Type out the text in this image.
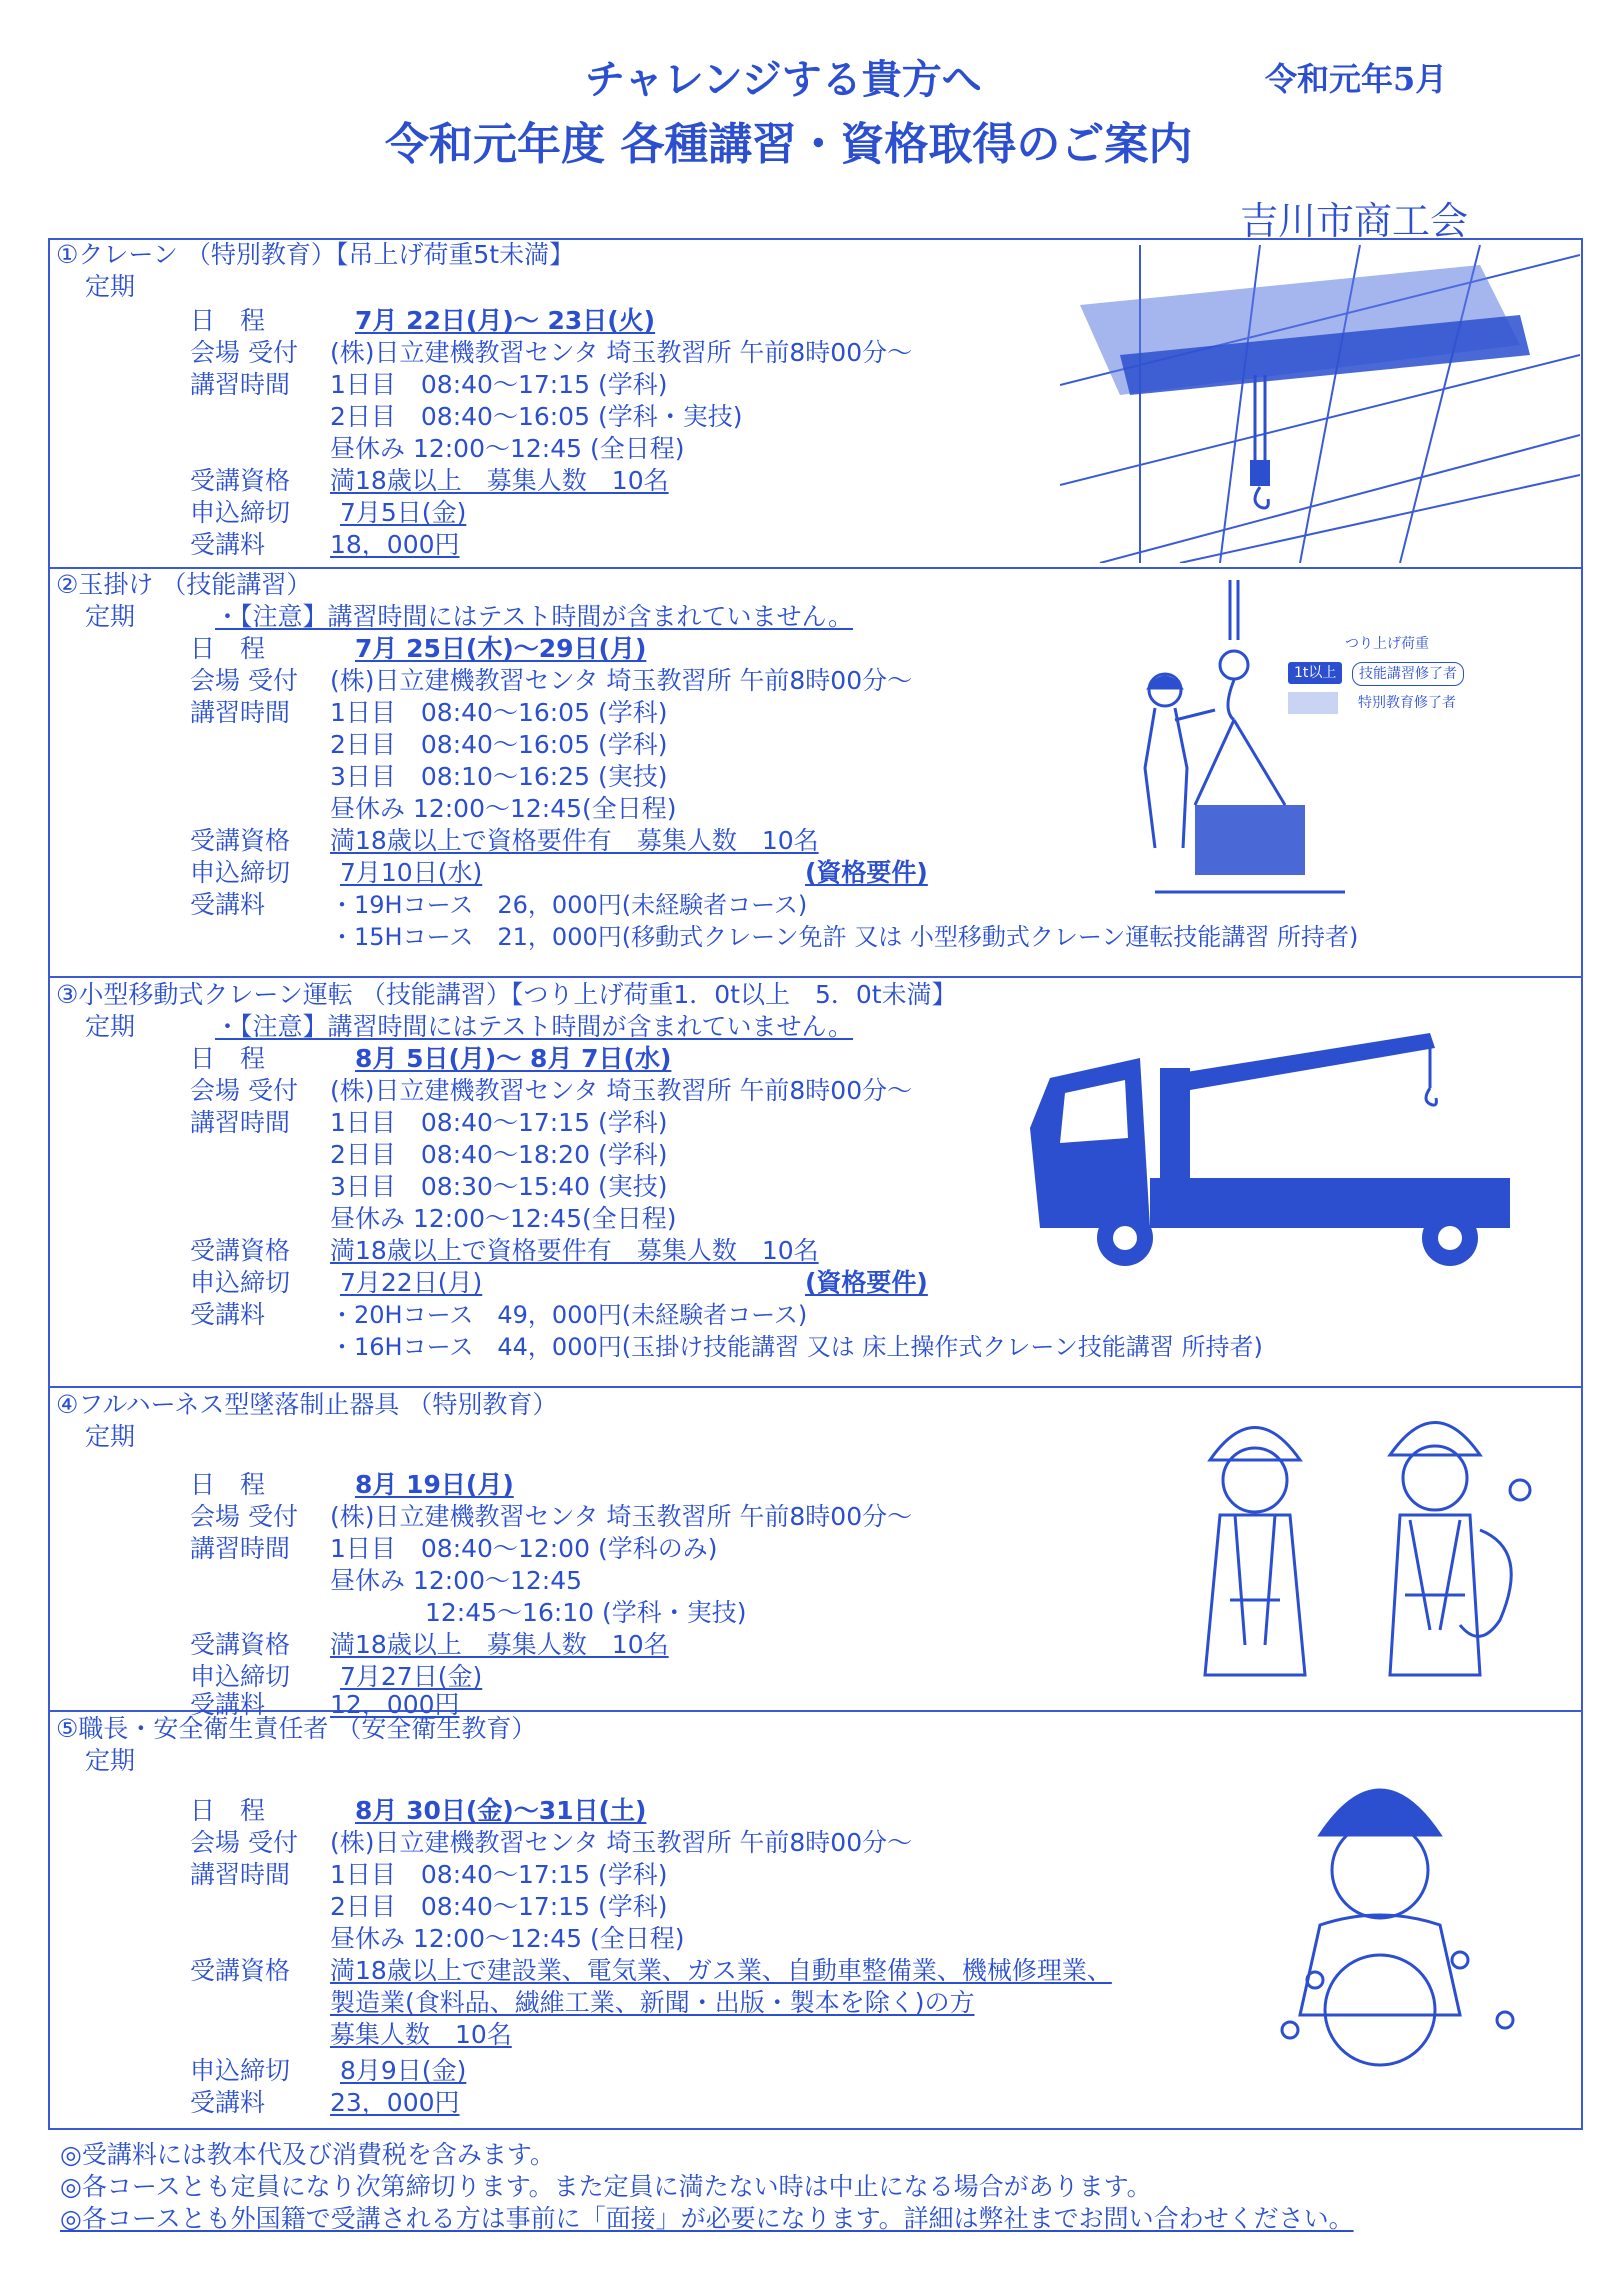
チャレンジする貴方へ
令和元年度 各種講習・資格取得のご案内
令和元年5月
吉川市商工会
①クレーン （特別教育）【吊上げ荷重5t未満】
定期
日　程	7月 22日(月)～ 23日(火)
会場 受付 (株)日立建機教習センタ 埼玉教習所 午前8時00分～
講習時間 1日目　08:40～17:15 (学科)
2日目　08:40～16:05 (学科・実技)
昼休み 12:00～12:45 (全日程)
受講資格 満18歳以上　募集人数　10名
申込締切 7月5日(金)
受講料	18，000円
②玉掛け （技能講習）
定期	・【注意】講習時間にはテスト時間が含まれていません。
日　程	7月 25日(木)～29日(月)
会場 受付 (株)日立建機教習センタ 埼玉教習所 午前8時00分～
講習時間 1日目　08:40～16:05 (学科)
2日目　08:40～16:05 (学科)
3日目　08:10～16:25 (実技)
昼休み 12:00～12:45(全日程)
受講資格 満18歳以上で資格要件有　募集人数　10名
申込締切 7月10日(水)	(資格要件)
受講料	・19Hコース　26，000円(未経験者コース)
・15Hコース　21，000円(移動式クレーン免許 又は 小型移動式クレーン運転技能講習 所持者)
つり上げ荷重
1t以上	技能講習修了者
特別教育修了者
③小型移動式クレーン運転 （技能講習）【つり上げ荷重1．0t以上　5．0t未満】
定期	・【注意】講習時間にはテスト時間が含まれていません。
日　程	8月 5日(月)～ 8月 7日(水)
会場 受付 (株)日立建機教習センタ 埼玉教習所 午前8時00分～
講習時間 1日目　08:40～17:15 (学科)
2日目　08:40～18:20 (学科)
3日目　08:30～15:40 (実技)
昼休み 12:00～12:45(全日程)
受講資格 満18歳以上で資格要件有　募集人数　10名
申込締切 7月22日(月)	(資格要件)
受講料	・20Hコース　49，000円(未経験者コース)
・16Hコース　44，000円(玉掛け技能講習 又は 床上操作式クレーン技能講習 所持者)
④フルハーネス型墜落制止器具 （特別教育）
定期
日　程	8月 19日(月)
会場 受付 (株)日立建機教習センタ 埼玉教習所 午前8時00分～
講習時間 1日目　08:40～12:00 (学科のみ)
昼休み 12:00～12:45
12:45～16:10 (学科・実技)
受講資格 満18歳以上　募集人数　10名
申込締切 7月27日(金)
受講料	12，000円
⑤職長・安全衛生責任者 （安全衛生教育）
定期
日　程	8月 30日(金)～31日(土)
会場 受付 (株)日立建機教習センタ 埼玉教習所 午前8時00分～
講習時間 1日目　08:40～17:15 (学科)
2日目　08:40～17:15 (学科)
昼休み 12:00～12:45 (全日程)
受講資格 満18歳以上で建設業、電気業、ガス業、自動車整備業、機械修理業、
製造業(食料品、繊維工業、新聞・出版・製本を除く)の方
募集人数　10名
申込締切 8月9日(金)
受講料	23，000円
◎受講料には教本代及び消費税を含みます。
◎各コースとも定員になり次第締切ります。また定員に満たない時は中止になる場合があります。
◎各コースとも外国籍で受講される方は事前に「面接」が必要になります。詳細は弊社までお問い合わせください。
